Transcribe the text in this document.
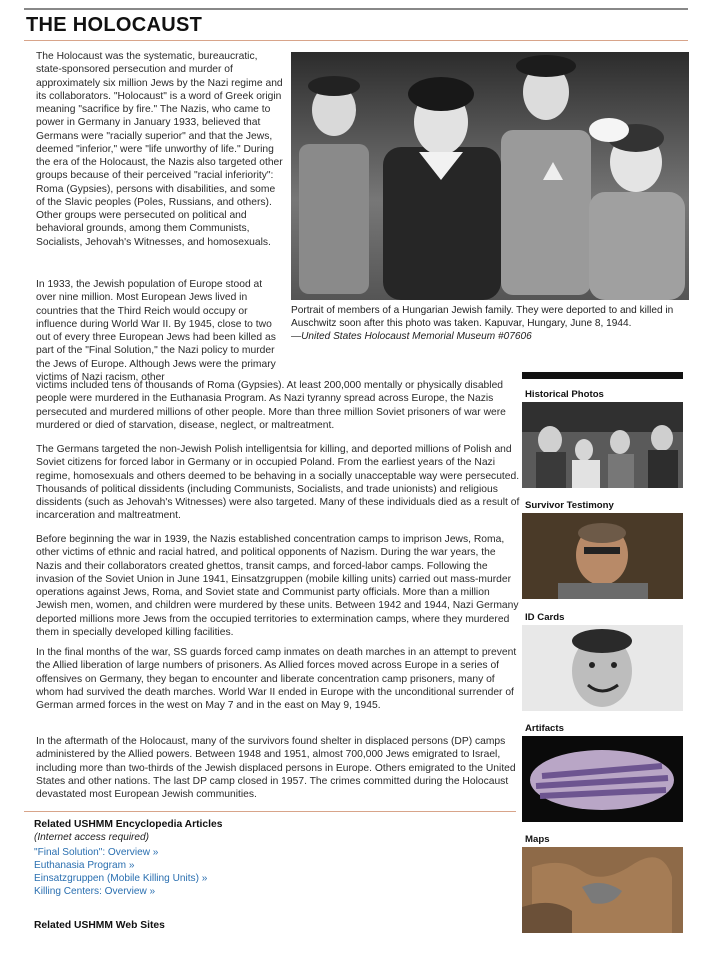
THE HOLOCAUST

The Holocaust was the systematic, bureaucratic, state-sponsored persecution and murder of approximately six million Jews by the Nazi regime and its collaborators. "Holocaust" is a word of Greek origin meaning "sacrifice by fire." The Nazis, who came to power in Germany in January 1933, believed that Germans were "racially superior" and that the Jews, deemed "inferior," were "life unworthy of life." During the era of the Holocaust, the Nazis also targeted other groups because of their perceived "racial inferiority": Roma (Gypsies), persons with disabilities, and some of the Slavic peoples (Poles, Russians, and others). Other groups were persecuted on political and behavioral grounds, among them Communists, Socialists, Jehovah's Witnesses, and homosexuals.

In 1933, the Jewish population of Europe stood at over nine million. Most European Jews lived in countries that the Third Reich would occupy or influence during World War II. By 1945, close to two out of every three European Jews had been killed as part of the "Final Solution," the Nazi policy to murder the Jews of Europe. Although Jews were the primary victims of Nazi racism, other

victims included tens of thousands of Roma (Gypsies). At least 200,000 mentally or physically disabled people were murdered in the Euthanasia Program. As Nazi tyranny spread across Europe, the Nazis persecuted and murdered millions of other people. More than three million Soviet prisoners of war were murdered or died of starvation, disease, neglect, or maltreatment.

The Germans targeted the non-Jewish Polish intelligentsia for killing, and deported millions of Polish and Soviet citizens for forced labor in Germany or in occupied Poland. From the earliest years of the Nazi regime, homosexuals and others deemed to be behaving in a socially unacceptable way were persecuted. Thousands of political dissidents (including Communists, Socialists, and trade unionists) and religious dissidents (such as Jehovah's Witnesses) were also targeted. Many of these individuals died as a result of incarceration and maltreatment.

Before beginning the war in 1939, the Nazis established concentration camps to imprison Jews, Roma, other victims of ethnic and racial hatred, and political opponents of Nazism. During the war years, the Nazis and their collaborators created ghettos, transit camps, and forced-labor camps. Following the invasion of the Soviet Union in June 1941, Einsatzgruppen (mobile killing units) carried out mass-murder operations against Jews, Roma, and Soviet state and Communist party officials. More than a million Jewish men, women, and children were murdered by these units. Between 1942 and 1944, Nazi Germany deported millions more Jews from the occupied territories to extermination camps, where they murdered them in specially developed killing facilities.

In the final months of the war, SS guards forced camp inmates on death marches in an attempt to prevent the Allied liberation of large numbers of prisoners. As Allied forces moved across Europe in a series of offensives on Germany, they began to encounter and liberate concentration camp prisoners, many of whom had survived the death marches. World War II ended in Europe with the unconditional surrender of German armed forces in the west on May 7 and in the east on May 9, 1945.

In the aftermath of the Holocaust, many of the survivors found shelter in displaced persons (DP) camps administered by the Allied powers. Between 1948 and 1951, almost 700,000 Jews emigrated to Israel, including more than two-thirds of the Jewish displaced persons in Europe. Others emigrated to the United States and other nations. The last DP camp closed in 1957. The crimes committed during the Holocaust devastated most European Jewish communities.

Portrait of members of a Hungarian Jewish family. They were deported to and killed in Auschwitz soon after this photo was taken. Kapuvar, Hungary, June 8, 1944.
—United States Holocaust Memorial Museum #07606
Historical Photos
Survivor Testimony
ID Cards
Artifacts
Maps
Related USHMM Encyclopedia Articles
(Internet access required)
"Final Solution": Overview »
Euthanasia Program »
Einsatzgruppen (Mobile Killing Units) »
Killing Centers: Overview »
Related USHMM Web Sites
